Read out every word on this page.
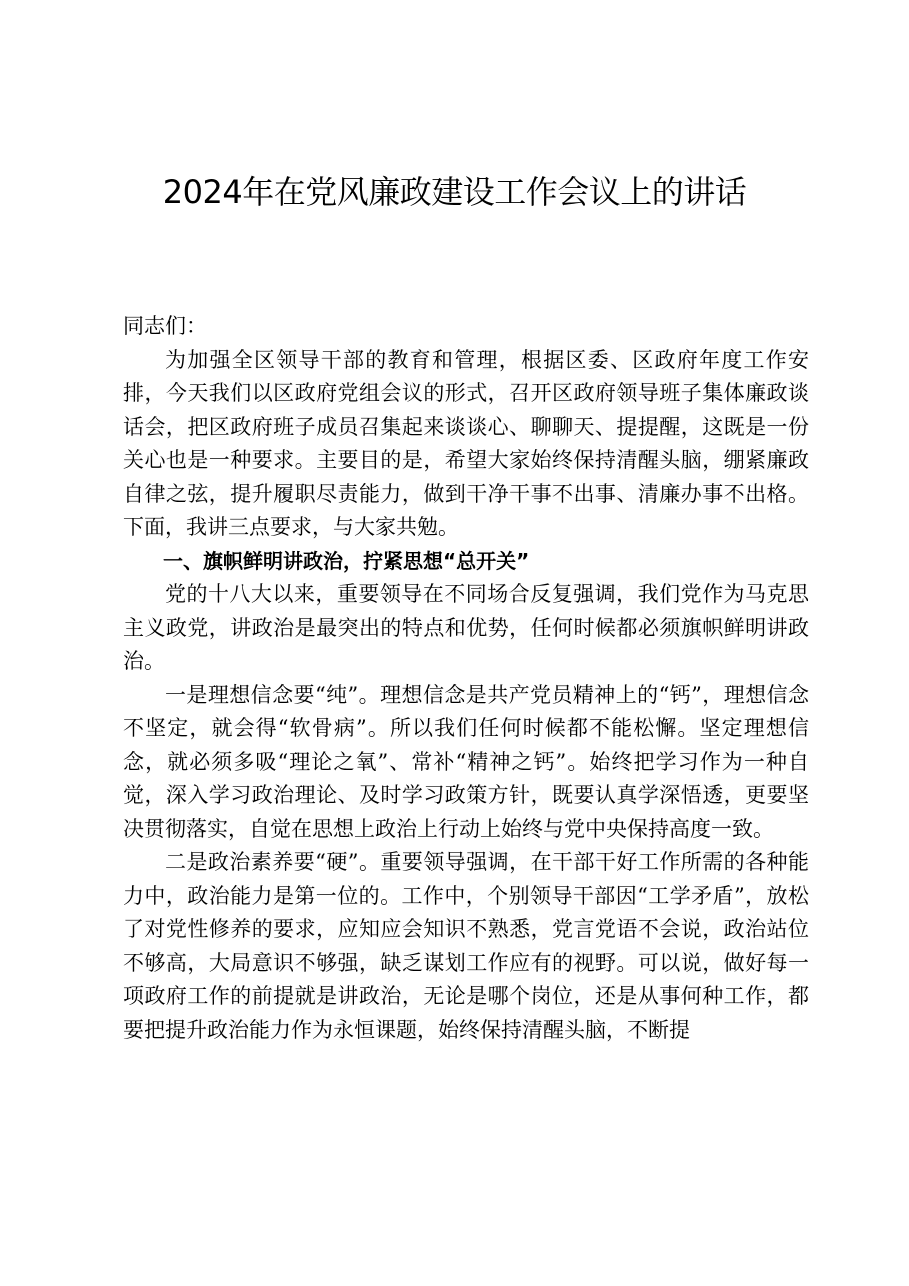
2024年在党风廉政建设工作会议上的讲话

同志们：

为加强全区领导干部的教育和管理，根据区委、区政府年度工作安排，今天我们以区政府党组会议的形式，召开区政府领导班子集体廉政谈话会，把区政府班子成员召集起来谈谈心、聊聊天、提提醒，这既是一份关心也是一种要求。主要目的是，希望大家始终保持清醒头脑，绷紧廉政自律之弦，提升履职尽责能力，做到干净干事不出事、清廉办事不出格。下面，我讲三点要求，与大家共勉。

一、旗帜鲜明讲政治，拧紧思想“总开关”

党的十八大以来，重要领导在不同场合反复强调，我们党作为马克思主义政党，讲政治是最突出的特点和优势，任何时候都必须旗帜鲜明讲政治。

一是理想信念要“纯”。理想信念是共产党员精神上的“钙”，理想信念不坚定，就会得“软骨病”。所以我们任何时候都不能松懈。坚定理想信念，就必须多吸“理论之氧”、常补“精神之钙”。始终把学习作为一种自觉，深入学习政治理论、及时学习政策方针，既要认真学深悟透，更要坚决贯彻落实，自觉在思想上政治上行动上始终与党中央保持高度一致。

二是政治素养要“硬”。重要领导强调，在干部干好工作所需的各种能力中，政治能力是第一位的。工作中，个别领导干部因“工学矛盾”，放松了对党性修养的要求，应知应会知识不熟悉，党言党语不会说，政治站位不够高，大局意识不够强，缺乏谋划工作应有的视野。可以说，做好每一项政府工作的前提就是讲政治，无论是哪个岗位，还是从事何种工作，都要把提升政治能力作为永恒课题，始终保持清醒头脑，不断提
